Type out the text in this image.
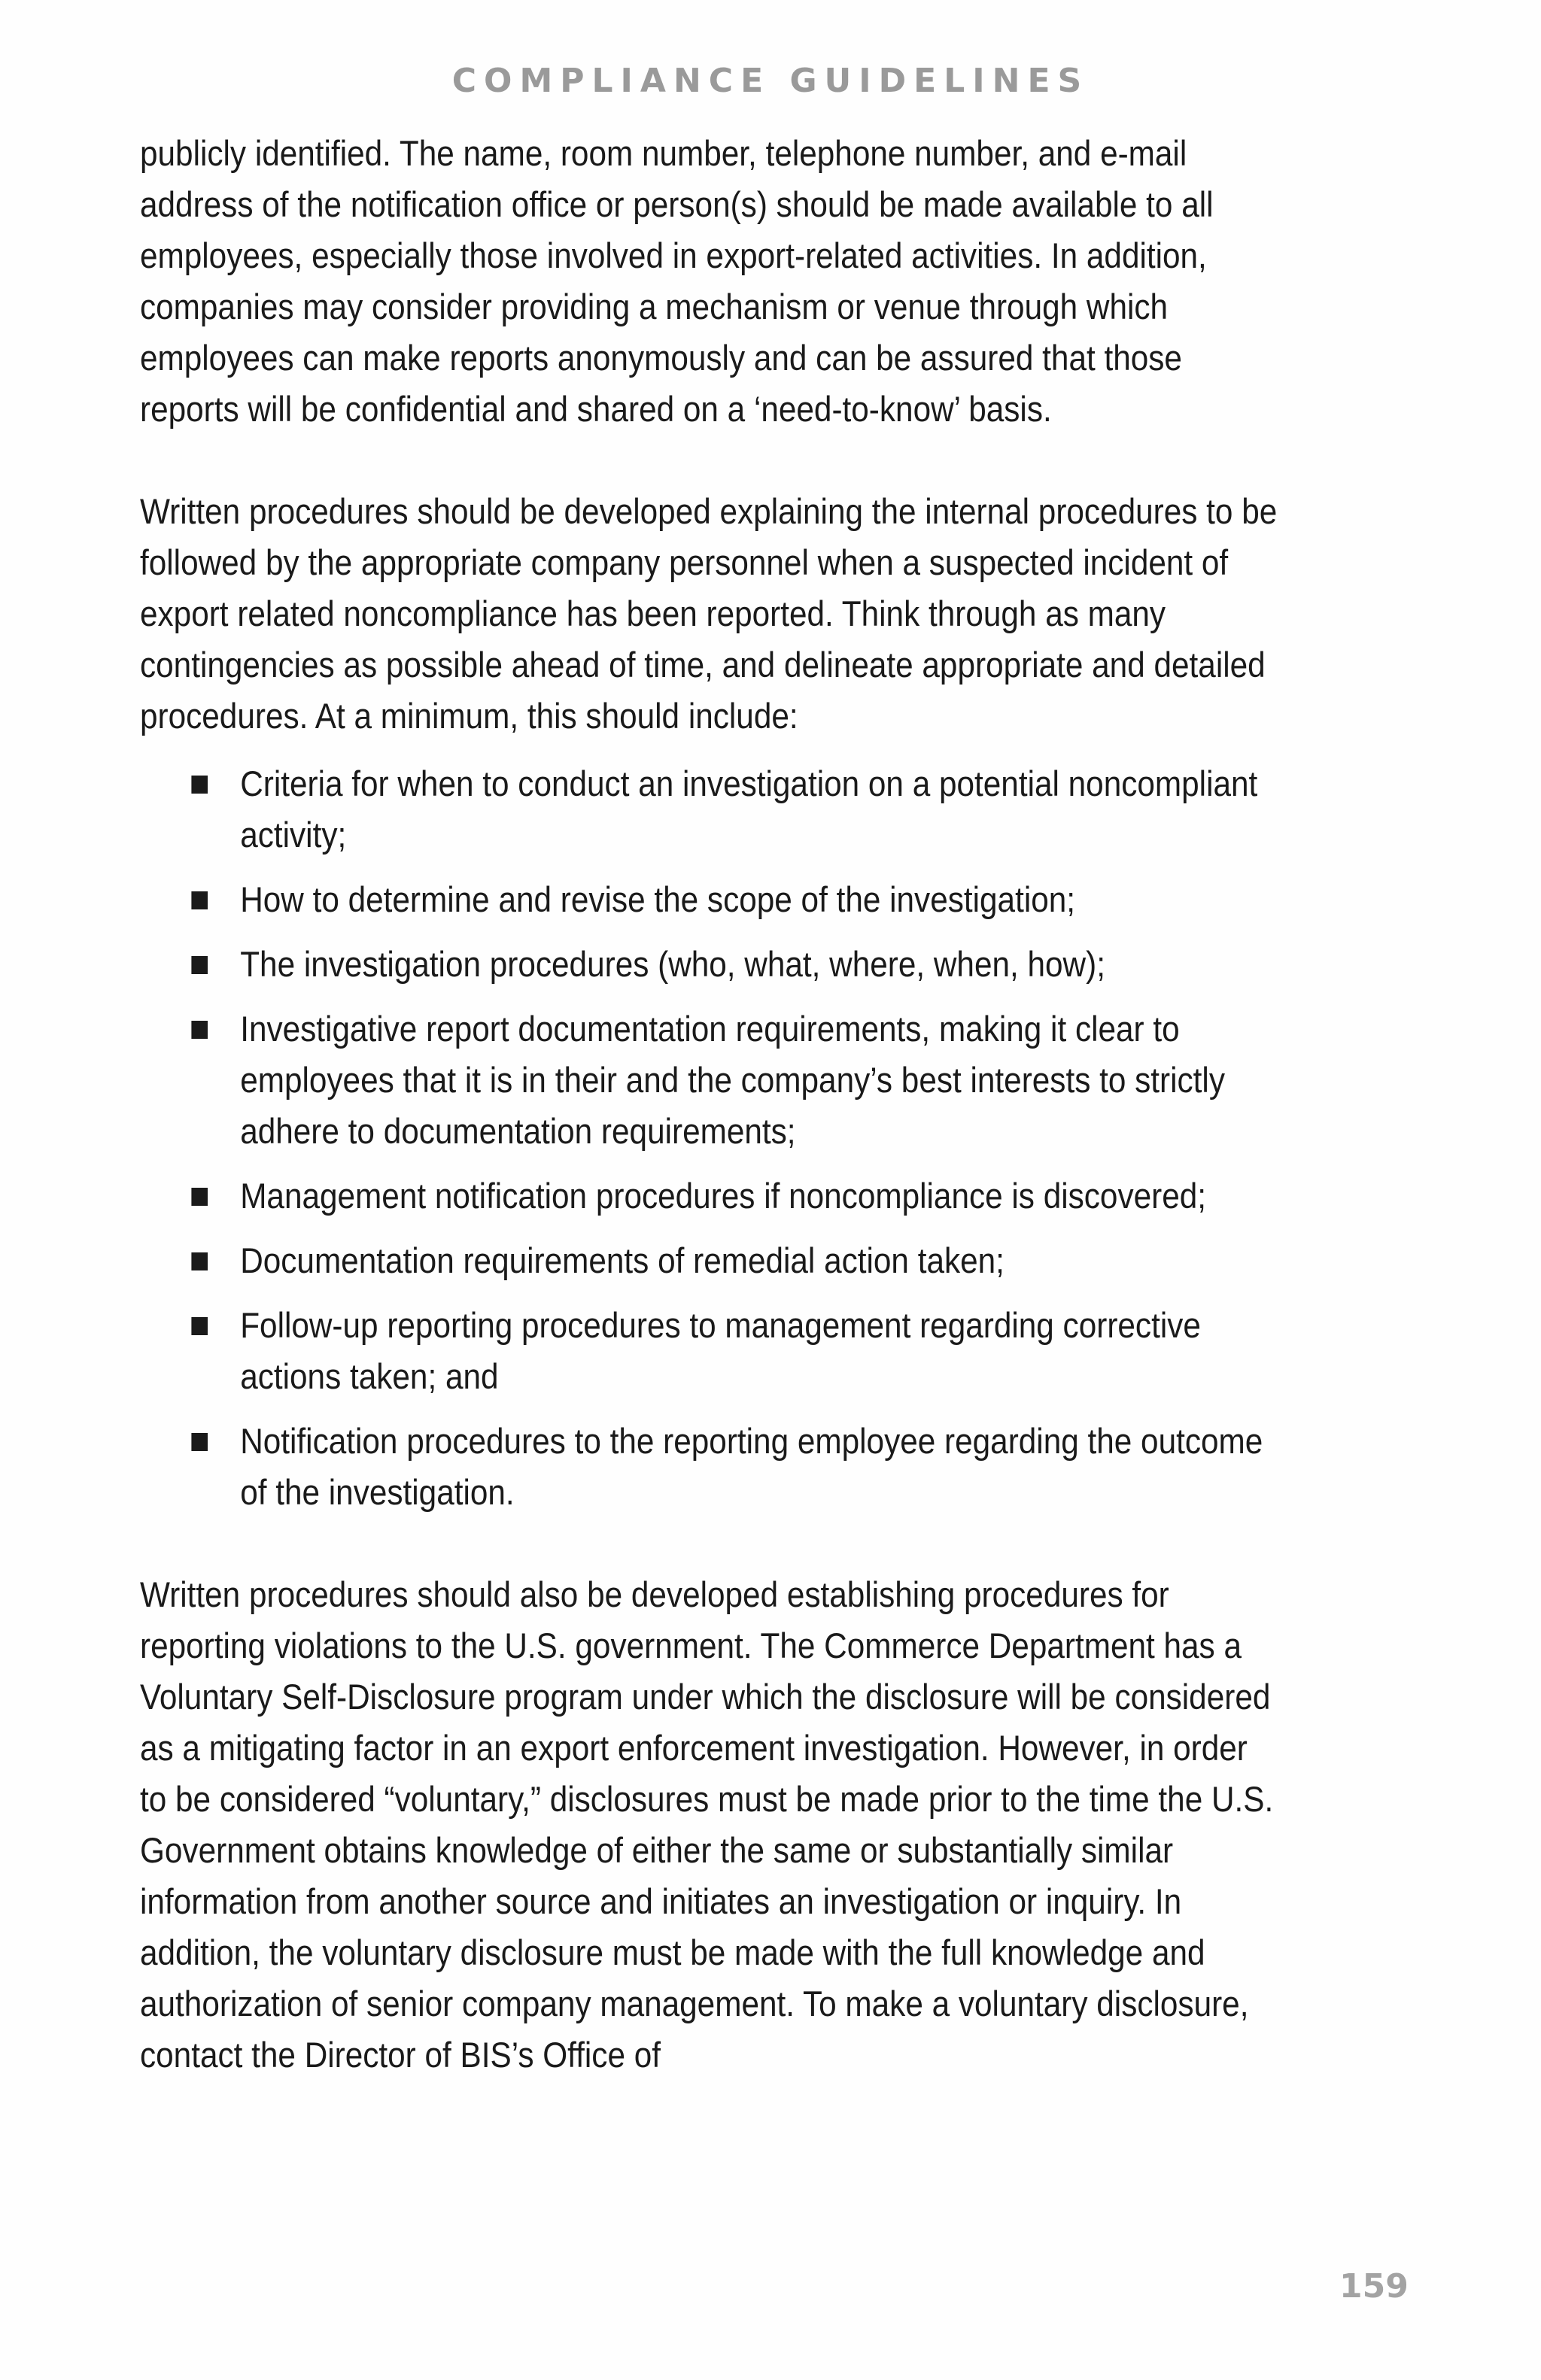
COMPLIANCE GUIDELINES

publicly identified. The name, room number, telephone number, and e-mail address of the notification office or person(s) should be made available to all employees, especially those involved in export-related activities. In addition, companies may consider providing a mechanism or venue through which employees can make reports anonymously and can be assured that those reports will be confidential and shared on a ‘need-to-know’ basis.

Written procedures should be developed explaining the internal procedures to be followed by the appropriate company personnel when a suspected incident of export related noncompliance has been reported. Think through as many contingencies as possible ahead of time, and delineate appropriate and detailed procedures. At a minimum, this should include:

Criteria for when to conduct an investigation on a potential noncompliant activity;
How to determine and revise the scope of the investigation;
The investigation procedures (who, what, where, when, how);
Investigative report documentation requirements, making it clear to employees that it is in their and the company’s best interests to strictly adhere to documentation requirements;
Management notification procedures if noncompliance is discovered;
Documentation requirements of remedial action taken;
Follow-up reporting procedures to management regarding corrective actions taken; and
Notification procedures to the reporting employee regarding the outcome of the investigation.

Written procedures should also be developed establishing procedures for reporting violations to the U.S. government. The Commerce Department has a Voluntary Self-Disclosure program under which the disclosure will be considered as a mitigating factor in an export enforcement investigation. However, in order to be considered “voluntary,” disclosures must be made prior to the time the U.S. Government obtains knowledge of either the same or substantially similar information from another source and initiates an investigation or inquiry. In addition, the voluntary disclosure must be made with the full knowledge and authorization of senior company management. To make a voluntary disclosure, contact the Director of BIS’s Office of

159
